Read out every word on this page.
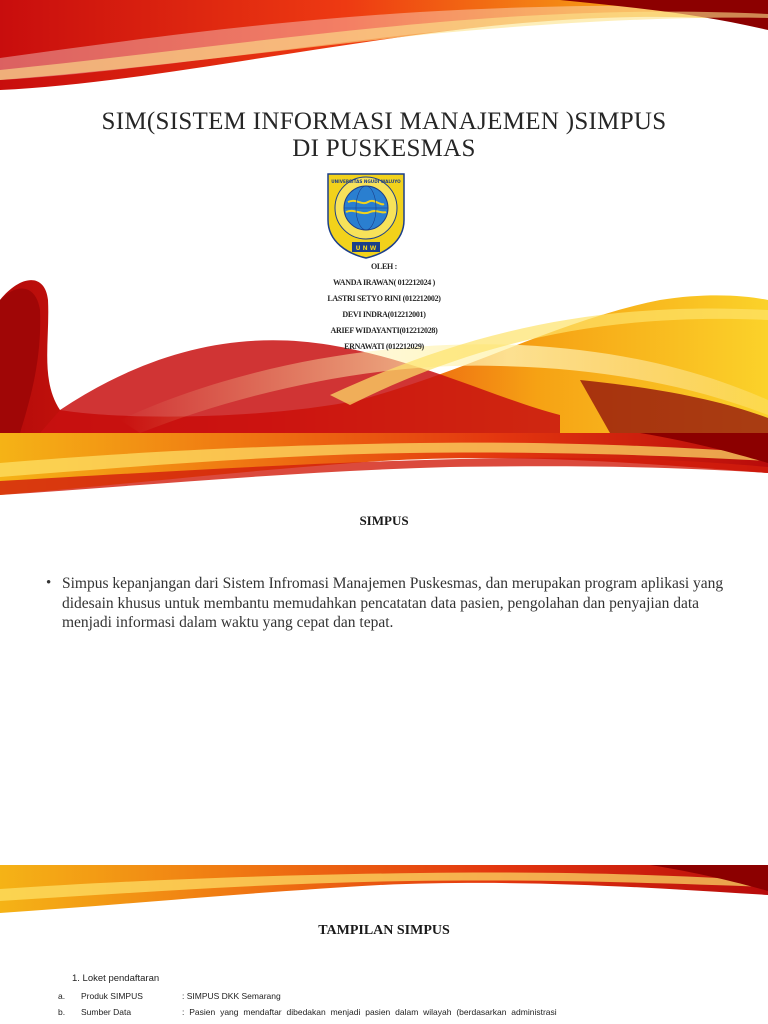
SIM(SISTEM INFORMASI MANAJEMEN )SIMPUS
DI PUSKESMAS
UNIVERSITAS NGUDI WALUYO
U N W
OLEH :
WANDA IRAWAN( 012212024 )
LASTRI SETYO RINI (012212002)
DEVI INDRA(012212001)
ARIEF WIDAYANTI(012212028)
ERNAWATI (012212029)
SIMPUS
• Simpus kepanjangan dari Sistem Infromasi Manajemen Puskesmas, dan merupakan program aplikasi yang didesain khusus untuk membantu memudahkan pencatatan data pasien, pengolahan dan penyajian data menjadi informasi dalam waktu yang cepat dan tepat.
TAMPILAN SIMPUS
1. Loket pendaftaran
a. Produk SIMPUS	: SIMPUS DKK Semarang
b. Sumber Data	: Pasien yang mendaftar dibedakan menjadi pasien dalam wilayah (berdasarkan administrasi
